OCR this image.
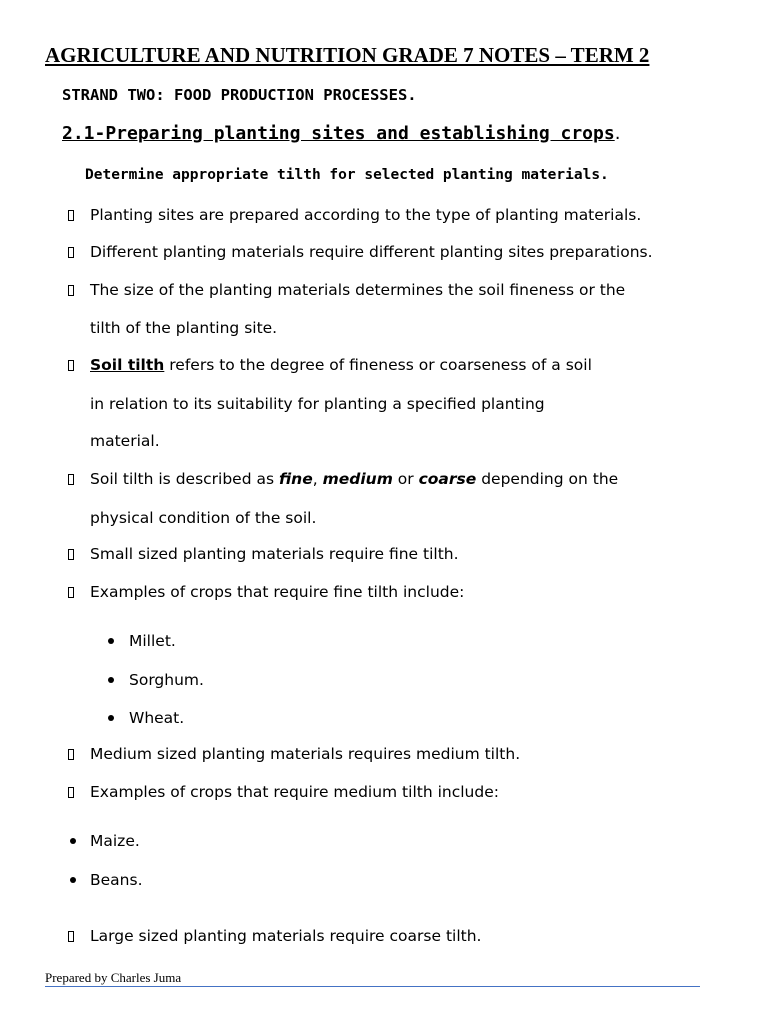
AGRICULTURE AND NUTRITION GRADE 7 NOTES – TERM 2
STRAND TWO: FOOD PRODUCTION PROCESSES.
2.1-Preparing planting sites and establishing crops.
Determine appropriate tilth for selected planting materials.
Planting sites are prepared according to the type of planting materials.
Different planting materials require different planting sites preparations.
The size of the planting materials determines the soil fineness or the
tilth of the planting site.
Soil tilth refers to the degree of fineness or coarseness of a soil
in relation to its suitability for planting a specified planting
material.
Soil tilth is described as fine, medium or coarse depending on the
physical condition of the soil.
Small sized planting materials require fine tilth.
Examples of crops that require fine tilth include:
Millet.
Sorghum.
Wheat.
Medium sized planting materials requires medium tilth.
Examples of crops that require medium tilth include:
Maize.
Beans.
Large sized planting materials require coarse tilth.
Prepared by Charles Juma
